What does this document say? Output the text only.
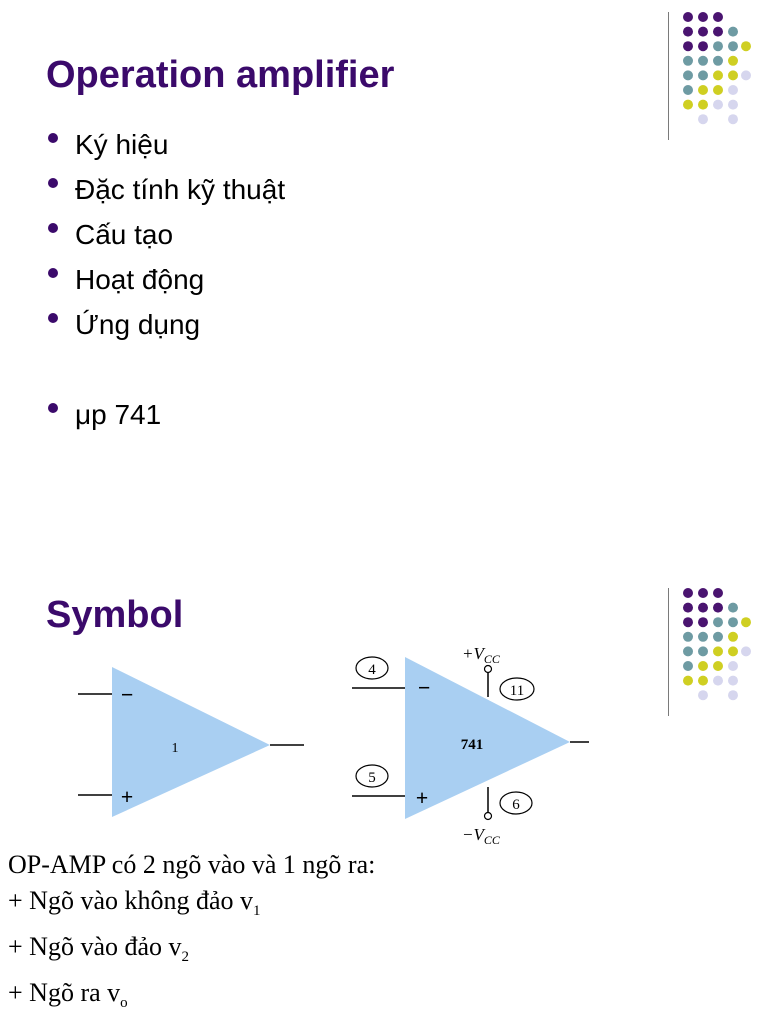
Operation amplifier
Ký hiệu
Đặc tính kỹ thuật
Cấu tạo
Hoạt động
Ứng dụng
μp 741
Symbol
−
+
1
−
+
741
4
5
$+V_{CC}$
11
$-V_{CC}$
6
OP-AMP có 2 ngõ vào và 1 ngõ ra:
+ Ngõ vào không đảo $v_1$
+ Ngõ vào đảo $v_2$
+ Ngõ ra $v_o$
